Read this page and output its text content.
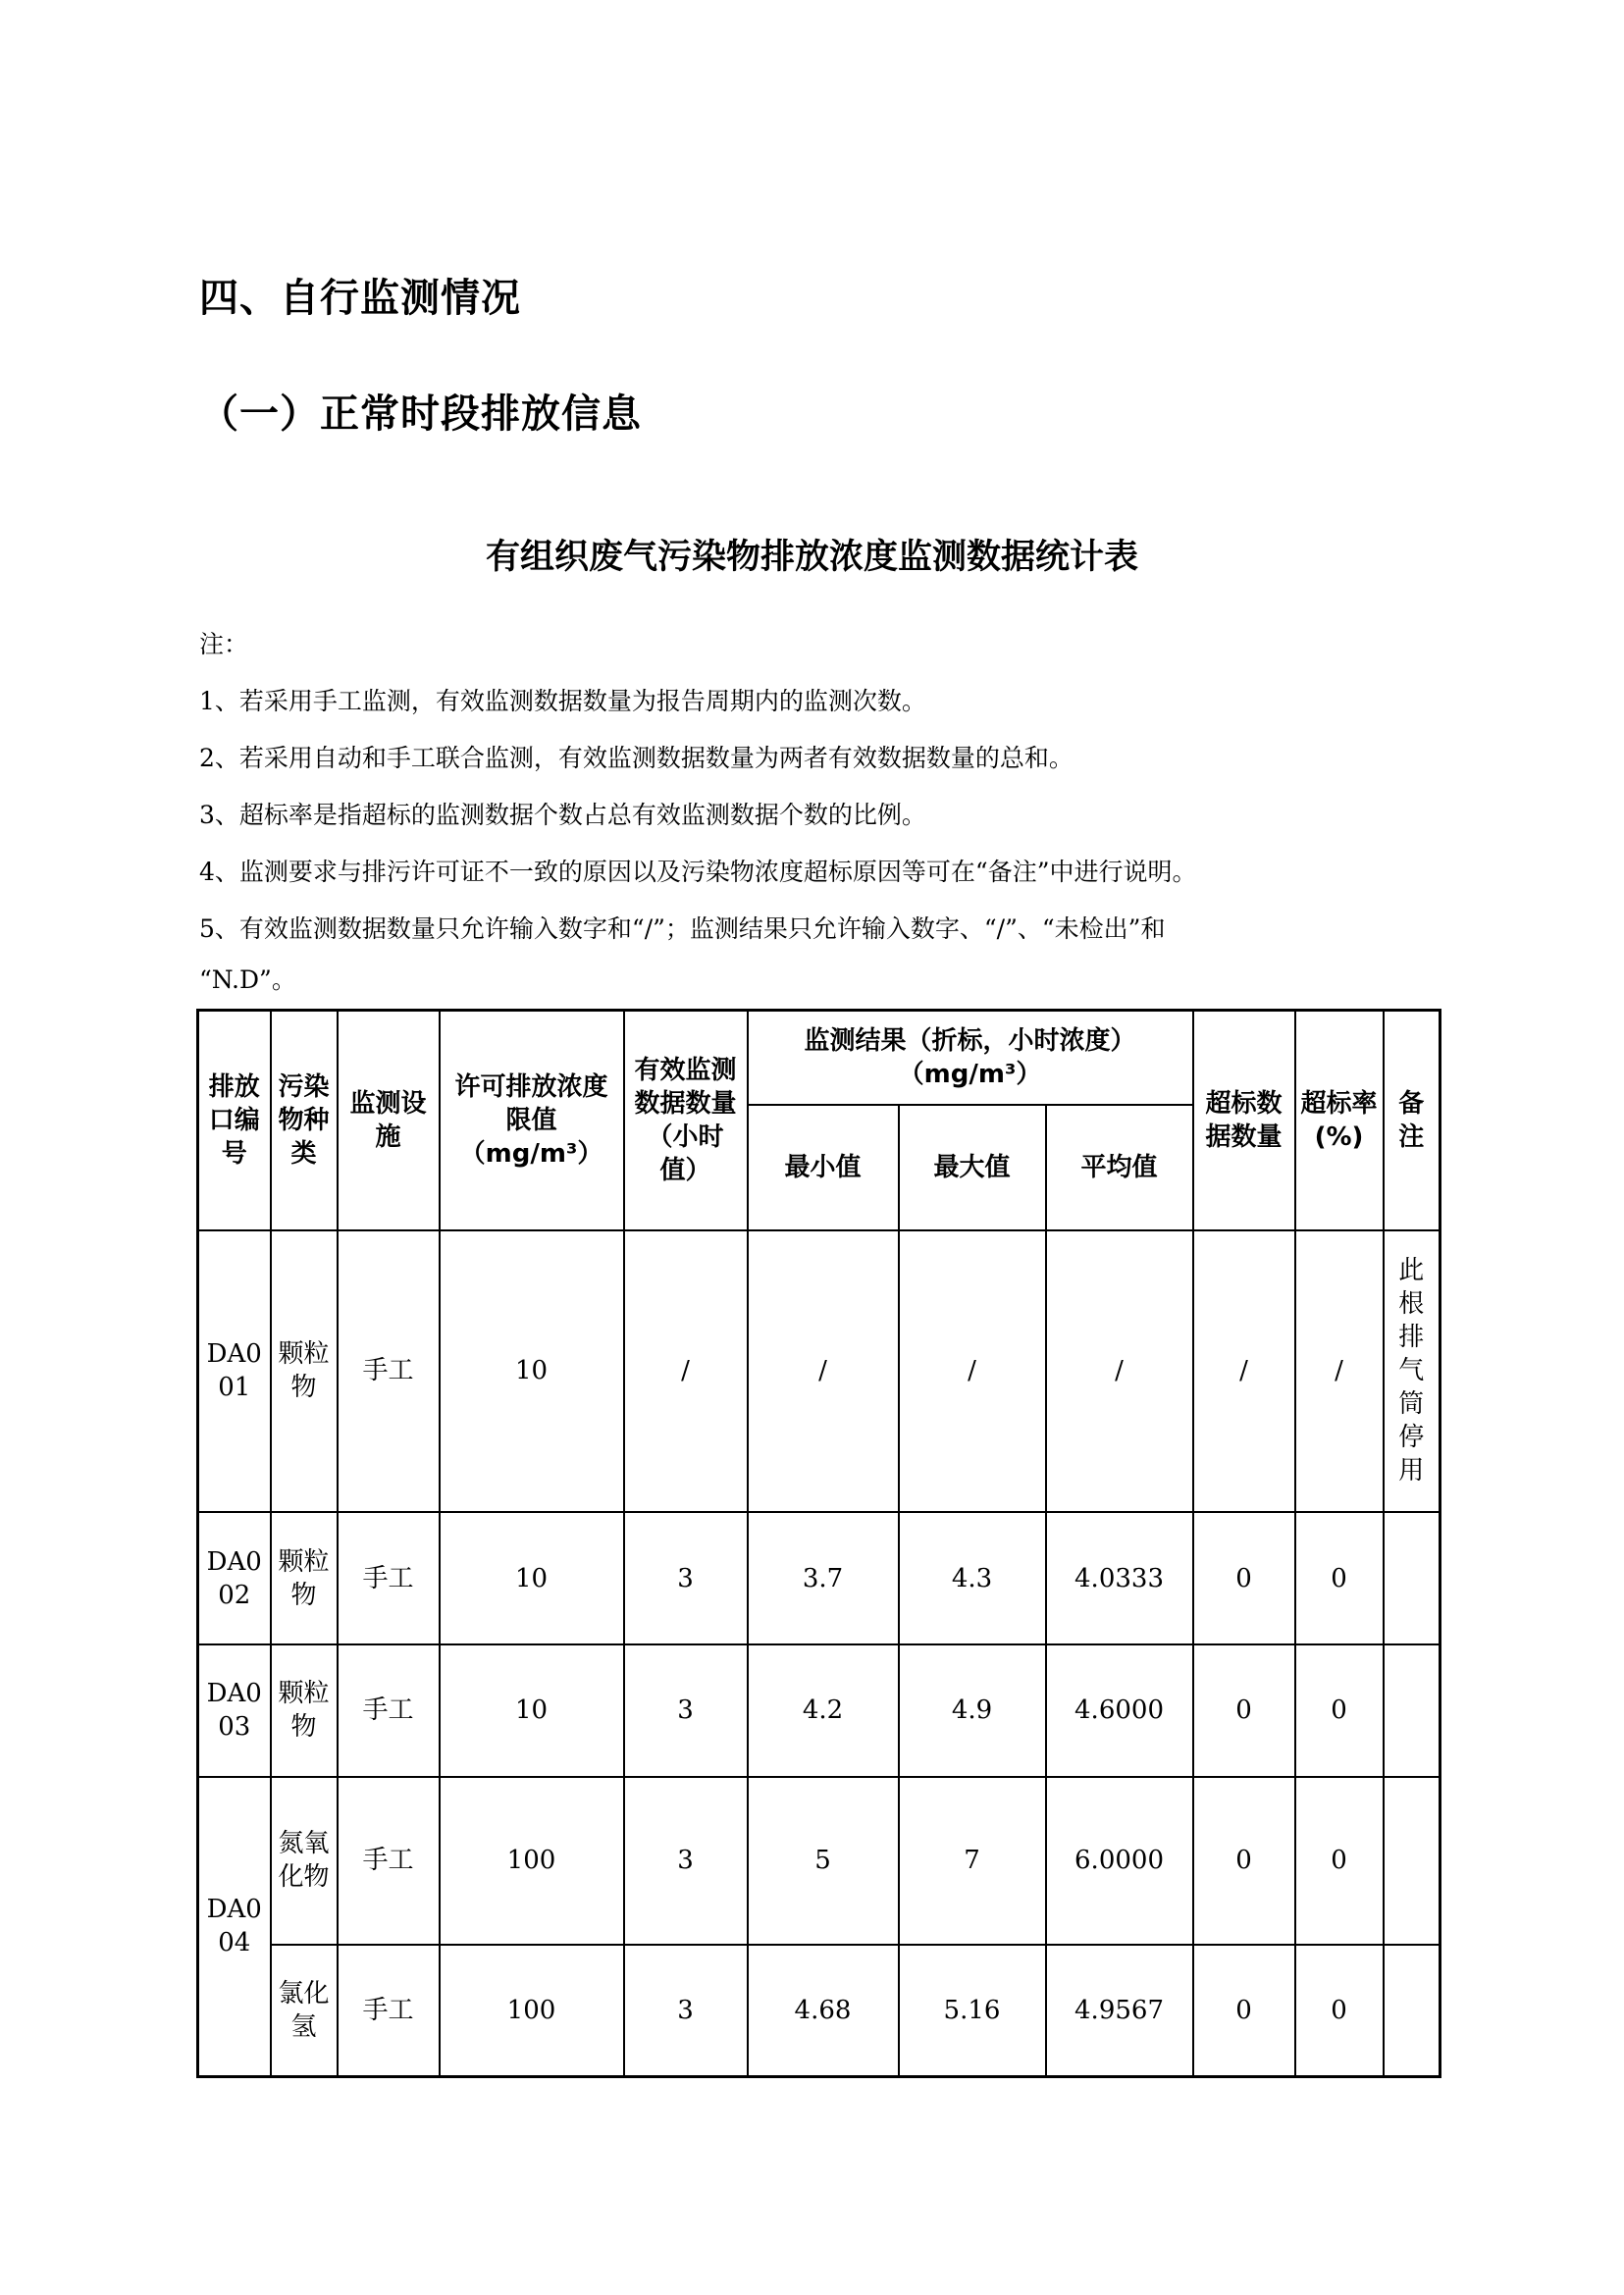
四、自行监测情况
（一）正常时段排放信息
有组织废气污染物排放浓度监测数据统计表
注：
1、若采用手工监测，有效监测数据数量为报告周期内的监测次数。
2、若采用自动和手工联合监测，有效监测数据数量为两者有效数据数量的总和。
3、超标率是指超标的监测数据个数占总有效监测数据个数的比例。
4、监测要求与排污许可证不一致的原因以及污染物浓度超标原因等可在“备注”中进行说明。
5、有效监测数据数量只允许输入数字和“/”；监测结果只允许输入数字、“/”、“未检出”和
“N.D”。
排放口编号	污染物种类	监测设施	许可排放浓度限值（mg/m³）	有效监测数据数量（小时值）	监测结果（折标，小时浓度）（mg/m³）			超标数据数量	超标率(%)	备注
					最小值	最大值	平均值			
DA001	颗粒物	手工	10	/	/	/	/	/	/	此根排气筒停用
DA002	颗粒物	手工	10	3	3.7	4.3	4.0333	0	0	
DA003	颗粒物	手工	10	3	4.2	4.9	4.6000	0	0	
DA004	氮氧化物	手工	100	3	5	7	6.0000	0	0	
	氯化氢	手工	100	3	4.68	5.16	4.9567	0	0	
